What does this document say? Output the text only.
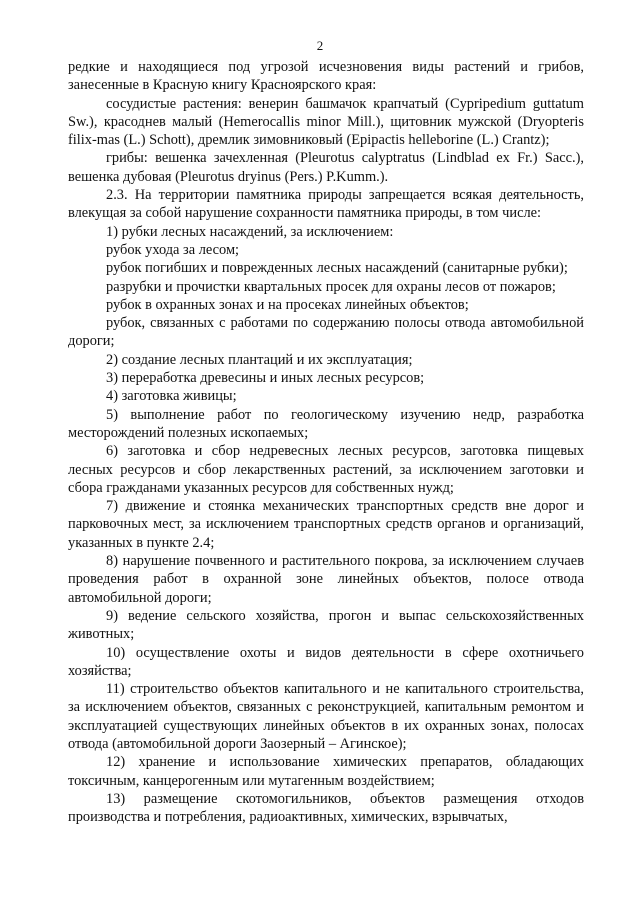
2

редкие и находящиеся под угрозой исчезновения виды растений и грибов, занесенные в Красную книгу Красноярского края:

сосудистые растения: венерин башмачок крапчатый (Cypripedium guttatum Sw.), красоднев малый (Hemerocallis minor Mill.), щитовник мужской (Dryopteris filix-mas (L.) Schott), дремлик зимовниковый (Epipactis helleborine (L.) Crantz);

грибы: вешенка зачехленная (Pleurotus calyptratus (Lindblad ex Fr.) Sacc.), вешенка дубовая (Pleurotus dryinus (Pers.) P.Kumm.).

2.3. На территории памятника природы запрещается всякая деятельность, влекущая за собой нарушение сохранности памятника природы, в том числе:

1) рубки лесных насаждений, за исключением:

рубок ухода за лесом;

рубок погибших и поврежденных лесных насаждений (санитарные рубки);

разрубки и прочистки квартальных просек для охраны лесов от пожаров;

рубок в охранных зонах и на просеках линейных объектов;

рубок, связанных с работами по содержанию полосы отвода автомобильной дороги;

2) создание лесных плантаций и их эксплуатация;

3) переработка древесины и иных лесных ресурсов;

4) заготовка живицы;

5) выполнение работ по геологическому изучению недр, разработка месторождений полезных ископаемых;

6) заготовка и сбор недревесных лесных ресурсов, заготовка пищевых лесных ресурсов и сбор лекарственных растений, за исключением заготовки и сбора гражданами указанных ресурсов для собственных нужд;

7) движение и стоянка механических транспортных средств вне дорог и парковочных мест, за исключением транспортных средств органов и организаций, указанных в пункте 2.4;

8) нарушение почвенного и растительного покрова, за исключением случаев проведения работ в охранной зоне линейных объектов, полосе отвода автомобильной дороги;

9) ведение сельского хозяйства, прогон и выпас сельскохозяйственных животных;

10) осуществление охоты и видов деятельности в сфере охотничьего хозяйства;

11) строительство объектов капитального и не капитального строительства, за исключением объектов, связанных с реконструкцией, капитальным ремонтом и эксплуатацией существующих линейных объектов в их охранных зонах, полосах отвода (автомобильной дороги Заозерный – Агинское);

12) хранение и использование химических препаратов, обладающих токсичным, канцерогенным или мутагенным воздействием;

13) размещение скотомогильников, объектов размещения отходов производства и потребления, радиоактивных, химических, взрывчатых,
